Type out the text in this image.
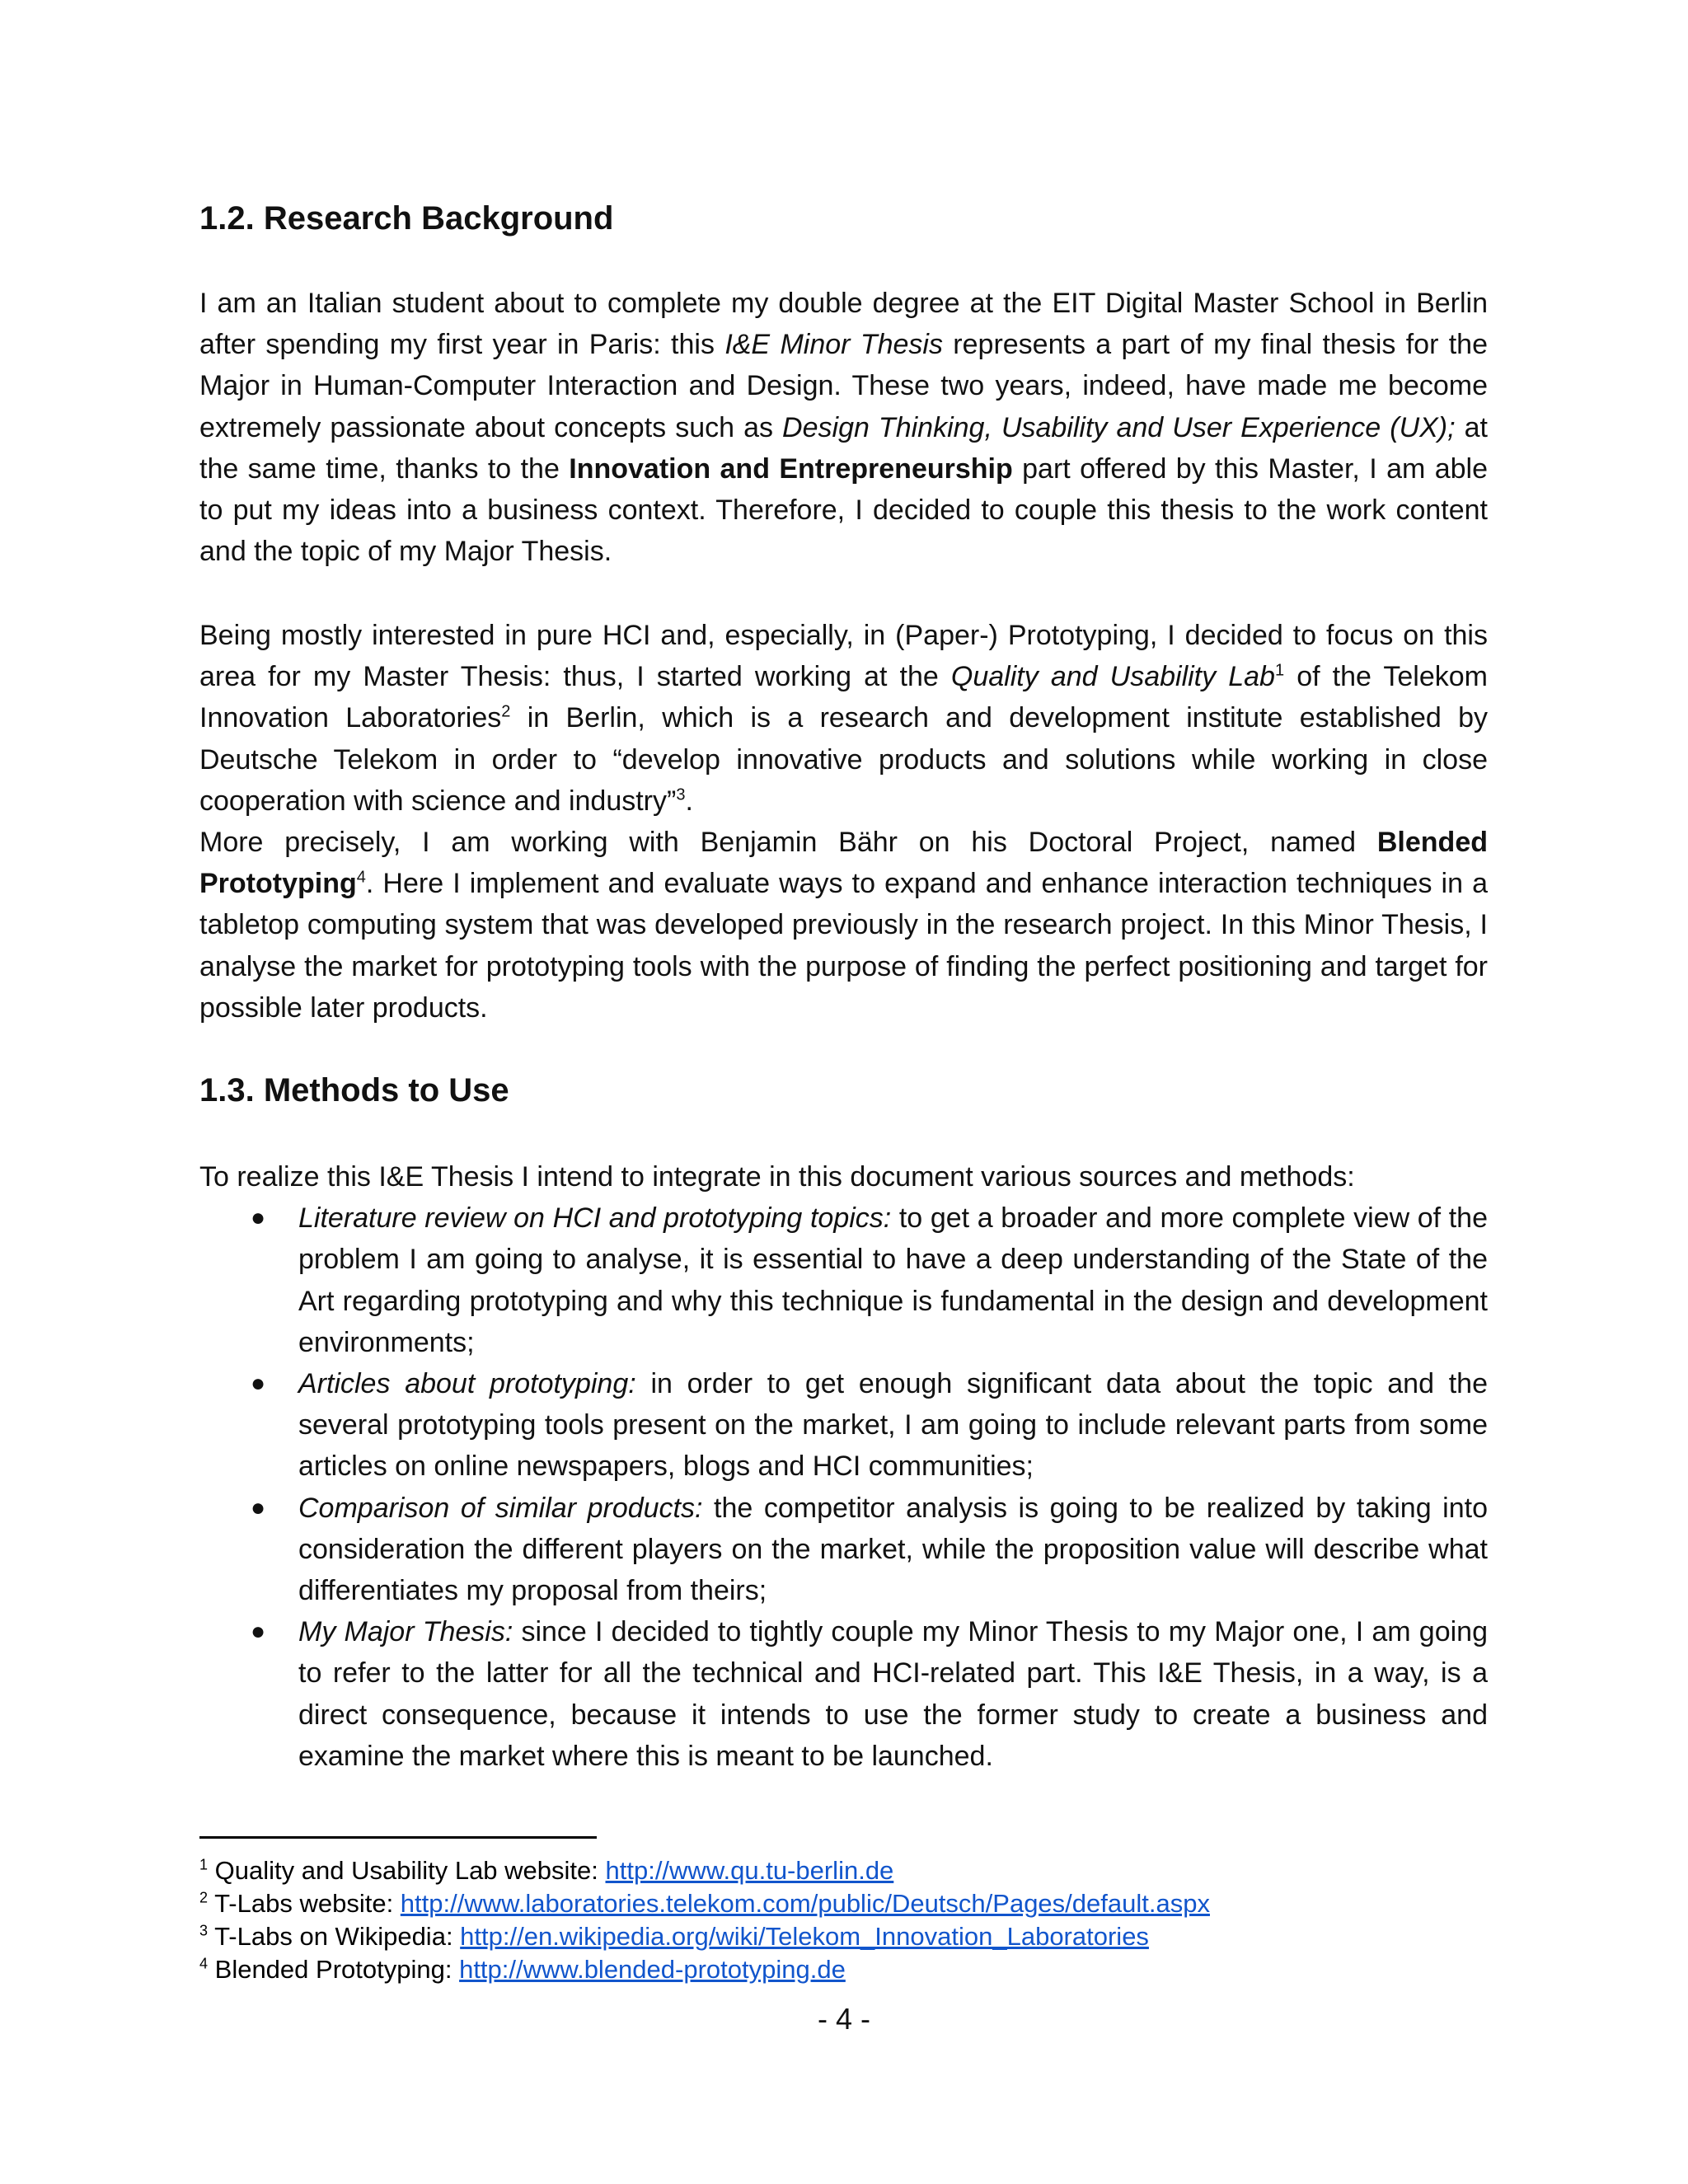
1.2. Research Background

I am an Italian student about to complete my double degree at the EIT Digital Master School in Berlin after spending my first year in Paris: this I&E Minor Thesis represents a part of my final thesis for the Major in Human-Computer Interaction and Design. These two years, indeed, have made me become extremely passionate about concepts such as Design Thinking, Usability and User Experience (UX); at the same time, thanks to the Innovation and Entrepreneurship part offered by this Master, I am able to put my ideas into a business context. Therefore, I decided to couple this thesis to the work content and the topic of my Major Thesis.

Being mostly interested in pure HCI and, especially, in (Paper-) Prototyping, I decided to focus on this area for my Master Thesis: thus, I started working at the Quality and Usability Lab$^1$ of the Telekom Innovation Laboratories$^2$ in Berlin, which is a research and development institute established by Deutsche Telekom in order to “develop innovative products and solutions while working in close cooperation with science and industry”$^3$.

More precisely, I am working with Benjamin Bähr on his Doctoral Project, named Blended Prototyping$^4$. Here I implement and evaluate ways to expand and enhance interaction techniques in a tabletop computing system that was developed previously in the research project. In this Minor Thesis, I analyse the market for prototyping tools with the purpose of finding the perfect positioning and target for possible later products.

1.3. Methods to Use

To realize this I&E Thesis I intend to integrate in this document various sources and methods:

● Literature review on HCI and prototyping topics: to get a broader and more complete view of the problem I am going to analyse, it is essential to have a deep understanding of the State of the Art regarding prototyping and why this technique is fundamental in the design and development environments;
● Articles about prototyping: in order to get enough significant data about the topic and the several prototyping tools present on the market, I am going to include relevant parts from some articles on online newspapers, blogs and HCI communities;
● Comparison of similar products: the competitor analysis is going to be realized by taking into consideration the different players on the market, while the proposition value will describe what differentiates my proposal from theirs;
● My Major Thesis: since I decided to tightly couple my Minor Thesis to my Major one, I am going to refer to the latter for all the technical and HCI-related part. This I&E Thesis, in a way, is a direct consequence, because it intends to use the former study to create a business and examine the market where this is meant to be launched.
$^1$ Quality and Usability Lab website: http://www.qu.tu-berlin.de
$^2$ T-Labs website: http://www.laboratories.telekom.com/public/Deutsch/Pages/default.aspx
$^3$ T-Labs on Wikipedia: http://en.wikipedia.org/wiki/Telekom_Innovation_Laboratories
$^4$ Blended Prototyping: http://www.blended-prototyping.de
- 4 -
